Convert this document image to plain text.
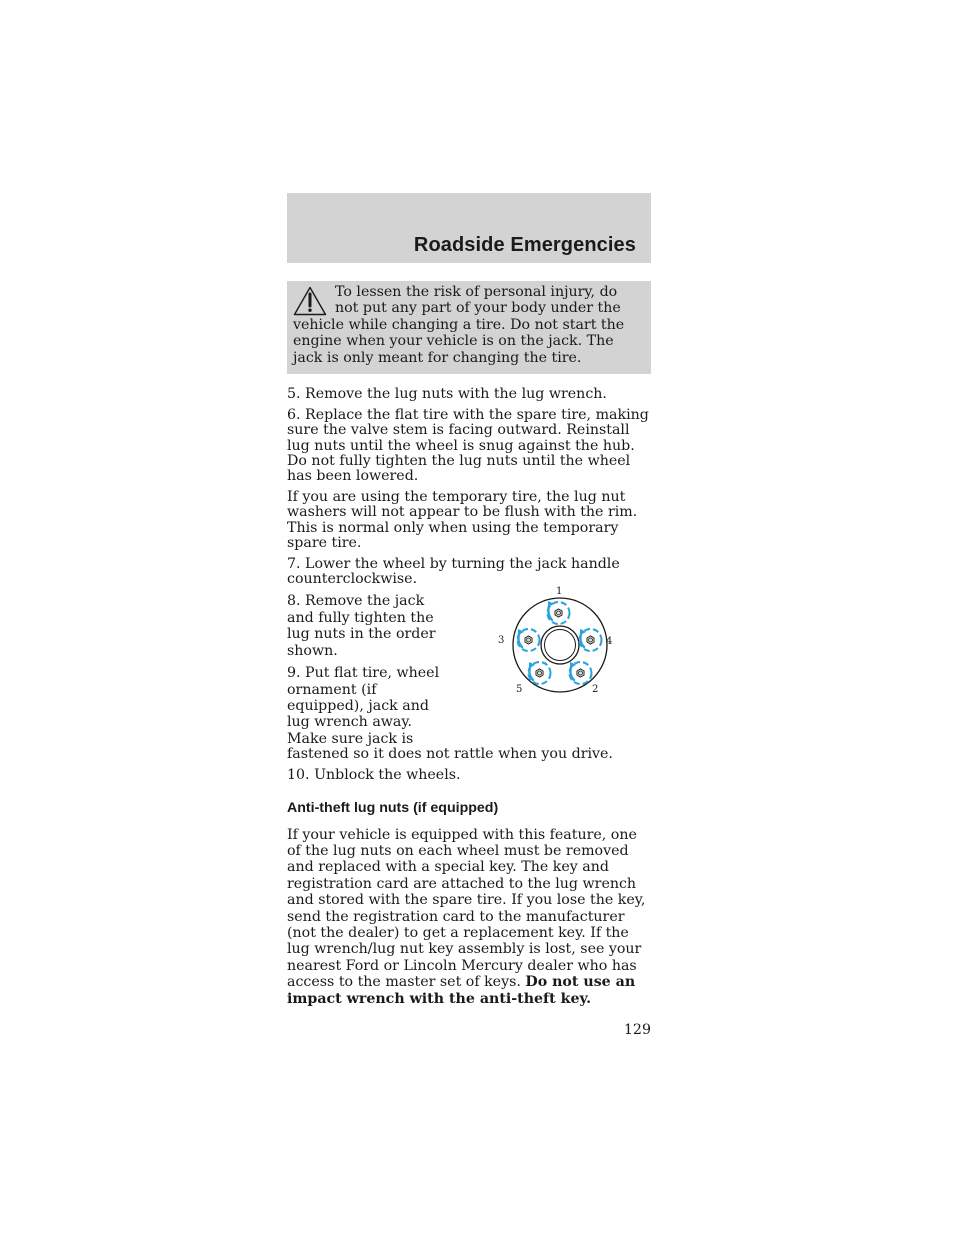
Roadside Emergencies
To lessen the risk of personal injury, do not put any part of your body under the vehicle while changing a tire. Do not start the engine when your vehicle is on the jack. The jack is only meant for changing the tire.

5. Remove the lug nuts with the lug wrench.

6. Replace the flat tire with the spare tire, making sure the valve stem is facing outward. Reinstall lug nuts until the wheel is snug against the hub. Do not fully tighten the lug nuts until the wheel has been lowered.

If you are using the temporary tire, the lug nut washers will not appear to be flush with the rim. This is normal only when using the temporary spare tire.

7. Lower the wheel by turning the jack handle counterclockwise.

8. Remove the jack and fully tighten the lug nuts in the order shown.

9. Put flat tire, wheel ornament (if equipped), jack and lug wrench away. Make sure jack is

1
4
3
5	2

fastened so it does not rattle when you drive.

10. Unblock the wheels.

Anti-theft lug nuts (if equipped)

If your vehicle is equipped with this feature, one of the lug nuts on each wheel must be removed and replaced with a special key. The key and registration card are attached to the lug wrench and stored with the spare tire. If you lose the key, send the registration card to the manufacturer (not the dealer) to get a replacement key. If the lug wrench/lug nut key assembly is lost, see your nearest Ford or Lincoln Mercury dealer who has access to the master set of keys. Do not use an impact wrench with the anti-theft key.

129
